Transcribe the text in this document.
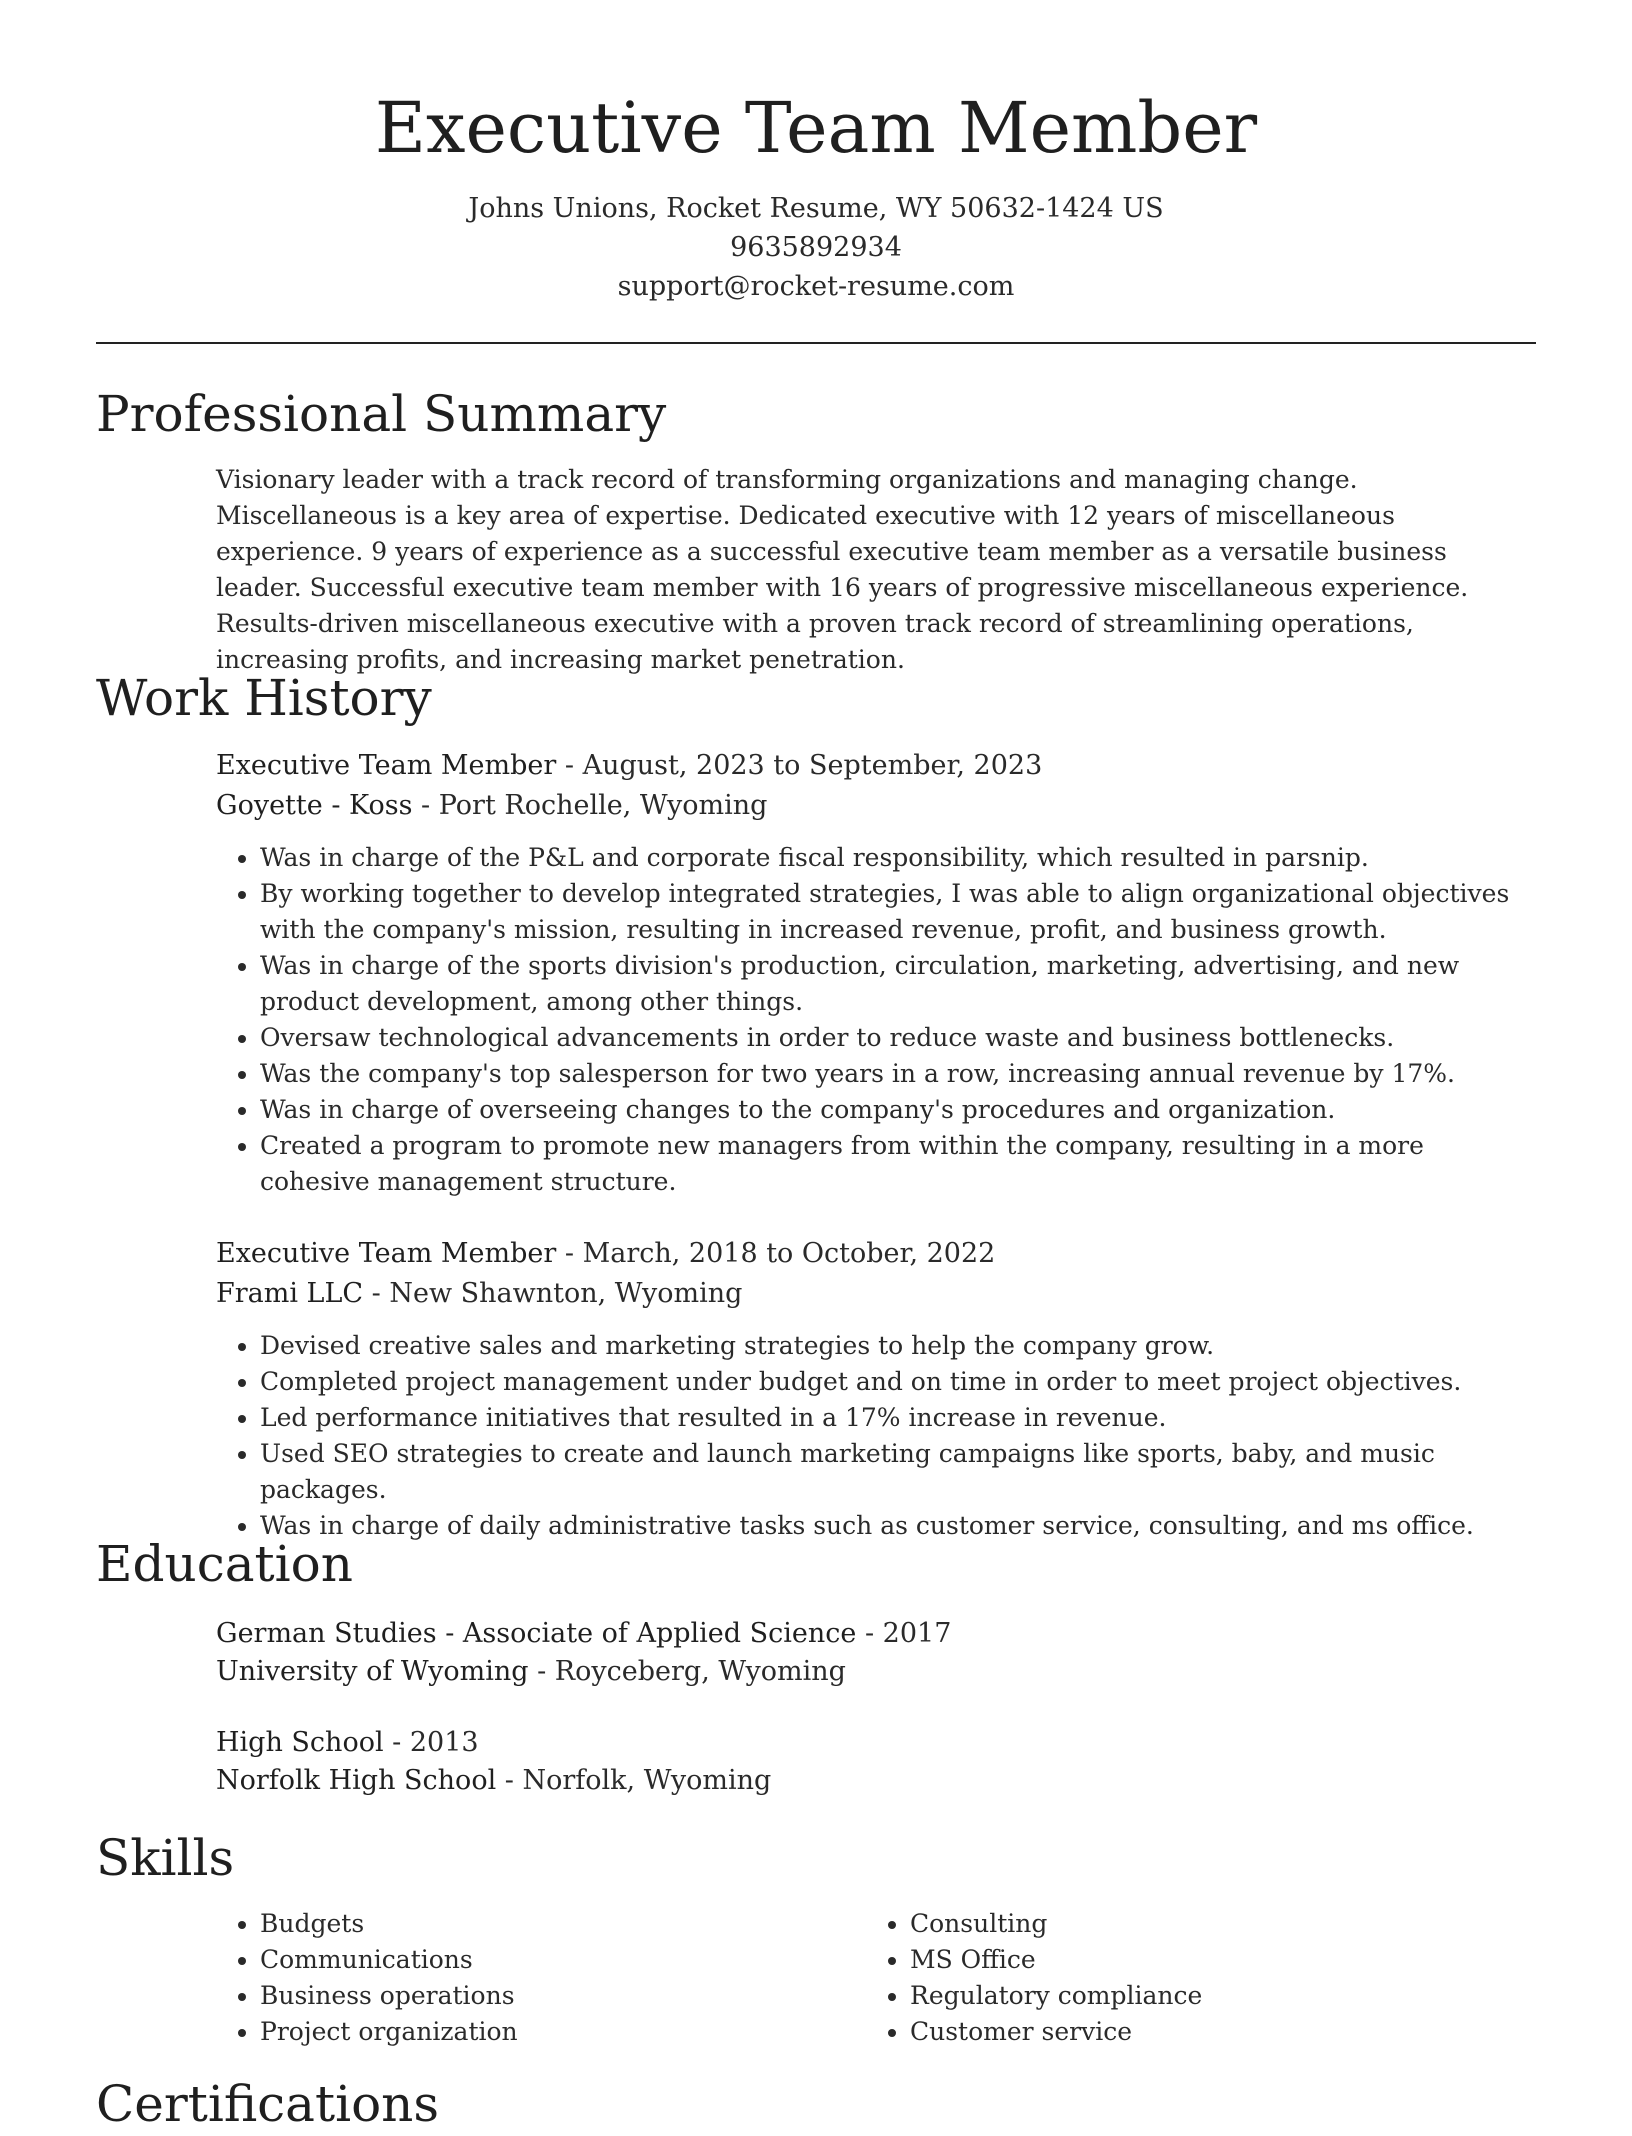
Executive Team Member

Johns Unions, Rocket Resume, WY 50632-1424 US

9635892934

support@rocket-resume.com

Professional Summary

Visionary leader with a track record of transforming organizations and managing change. Miscellaneous is a key area of expertise. Dedicated executive with 12 years of miscellaneous experience. 9 years of experience as a successful executive team member as a versatile business leader. Successful executive team member with 16 years of progressive miscellaneous experience. Results-driven miscellaneous executive with a proven track record of streamlining operations, increasing profits, and increasing market penetration.

Work History

Executive Team Member - August, 2023 to September, 2023

Goyette - Koss - Port Rochelle, Wyoming

• Was in charge of the P&L and corporate fiscal responsibility, which resulted in parsnip.
• By working together to develop integrated strategies, I was able to align organizational objectives with the company's mission, resulting in increased revenue, profit, and business growth.
• Was in charge of the sports division's production, circulation, marketing, advertising, and new product development, among other things.
• Oversaw technological advancements in order to reduce waste and business bottlenecks.
• Was the company's top salesperson for two years in a row, increasing annual revenue by 17%.
• Was in charge of overseeing changes to the company's procedures and organization.
• Created a program to promote new managers from within the company, resulting in a more cohesive management structure.

Executive Team Member - March, 2018 to October, 2022

Frami LLC - New Shawnton, Wyoming

• Devised creative sales and marketing strategies to help the company grow.
• Completed project management under budget and on time in order to meet project objectives.
• Led performance initiatives that resulted in a 17% increase in revenue.
• Used SEO strategies to create and launch marketing campaigns like sports, baby, and music packages.
• Was in charge of daily administrative tasks such as customer service, consulting, and ms office.
Education

German Studies - Associate of Applied Science - 2017

University of Wyoming - Royceberg, Wyoming

High School - 2013

Norfolk High School - Norfolk, Wyoming

Skills
• Budgets
• Communications
• Business operations
• Project organization
• Consulting
• MS Office
• Regulatory compliance
• Customer service
Certifications
